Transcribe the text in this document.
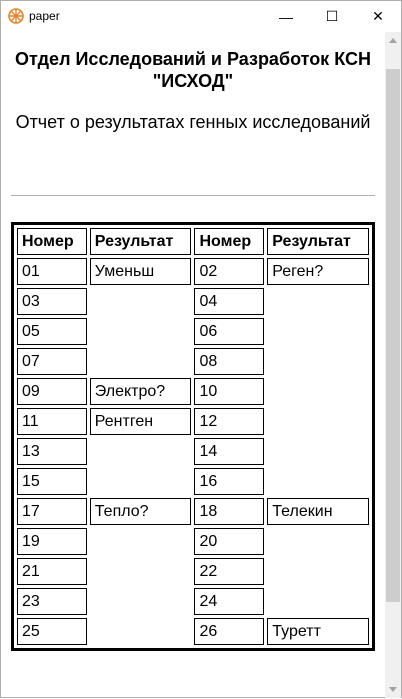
paper	— ☐ ✕
Отдел Исследований и Разработок КСН "ИСХОД"
Отчет о результатах генных исследований
Номер	Результат	Номер	Результат
01	Уменьш	02	Реген?
03		04	
05		06	
07		08	
09	Электро?	10	
11	Рентген	12	
13		14	
15		16	
17	Тепло?	18	Телекин
19		20	
21		22	
23		24	
25		26	Туретт
